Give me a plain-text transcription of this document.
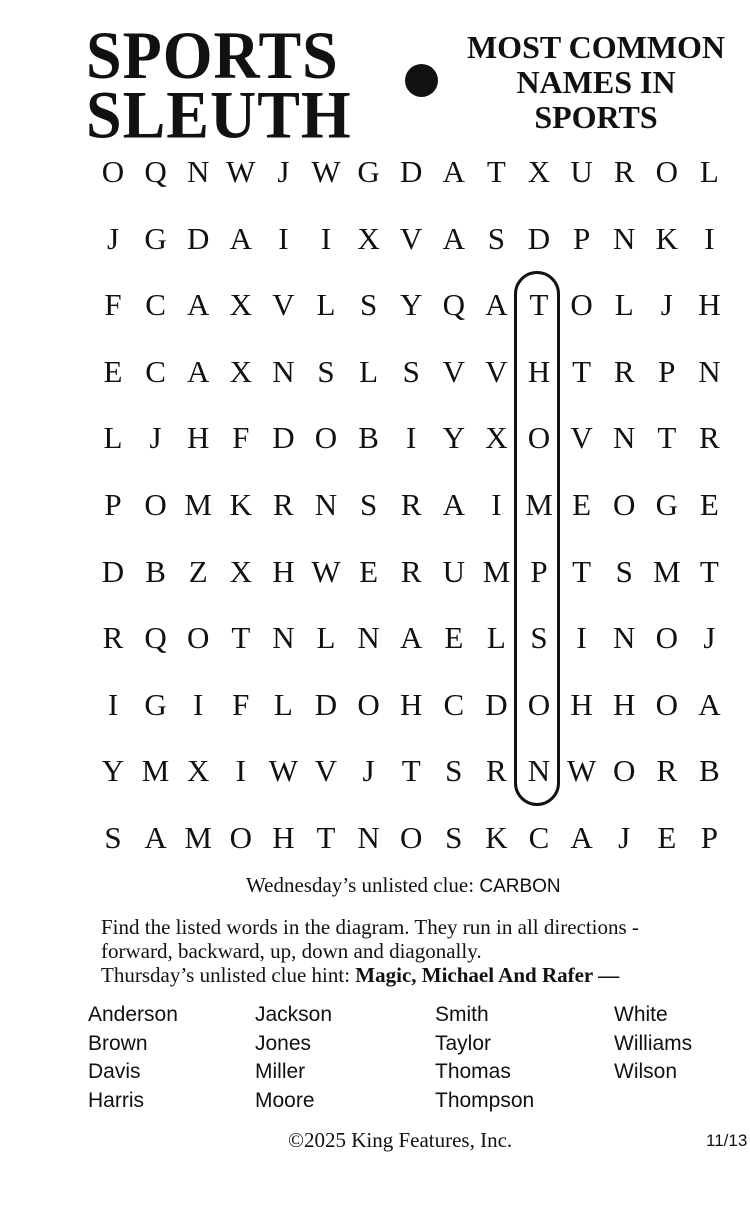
SPORTS
SLEUTH
MOST COMMON
NAMES IN
SPORTS
O Q N W J W G D A T X U R O L
J G D A I	I X V A S D P N K I
F C A X V L S Y Q A T O L J H
E C A X N S L S V V H T R P N
L J H F D O B I Y X O V N T R
P O M K R N S R A I M E O G E
D B Z X H W E R U M P T S M T
R Q O T N L N A E L S I N O J
I G I F L D O H C D O H H O A
Y M X I W V J T S R N W O R B
S A M O H T N O S K C A J E P
Wednesday’s unlisted clue: CARBON
Find the listed words in the diagram. They run in all directions -
forward, backward, up, down and diagonally.
Thursday’s unlisted clue hint: Magic, Michael And Rafer —
Anderson
Brown
Davis
Harris
Jackson
Jones
Miller
Moore
Smith
Taylor
Thomas
Thompson
White
Williams
Wilson
©2025 King Features, Inc.	11/13
